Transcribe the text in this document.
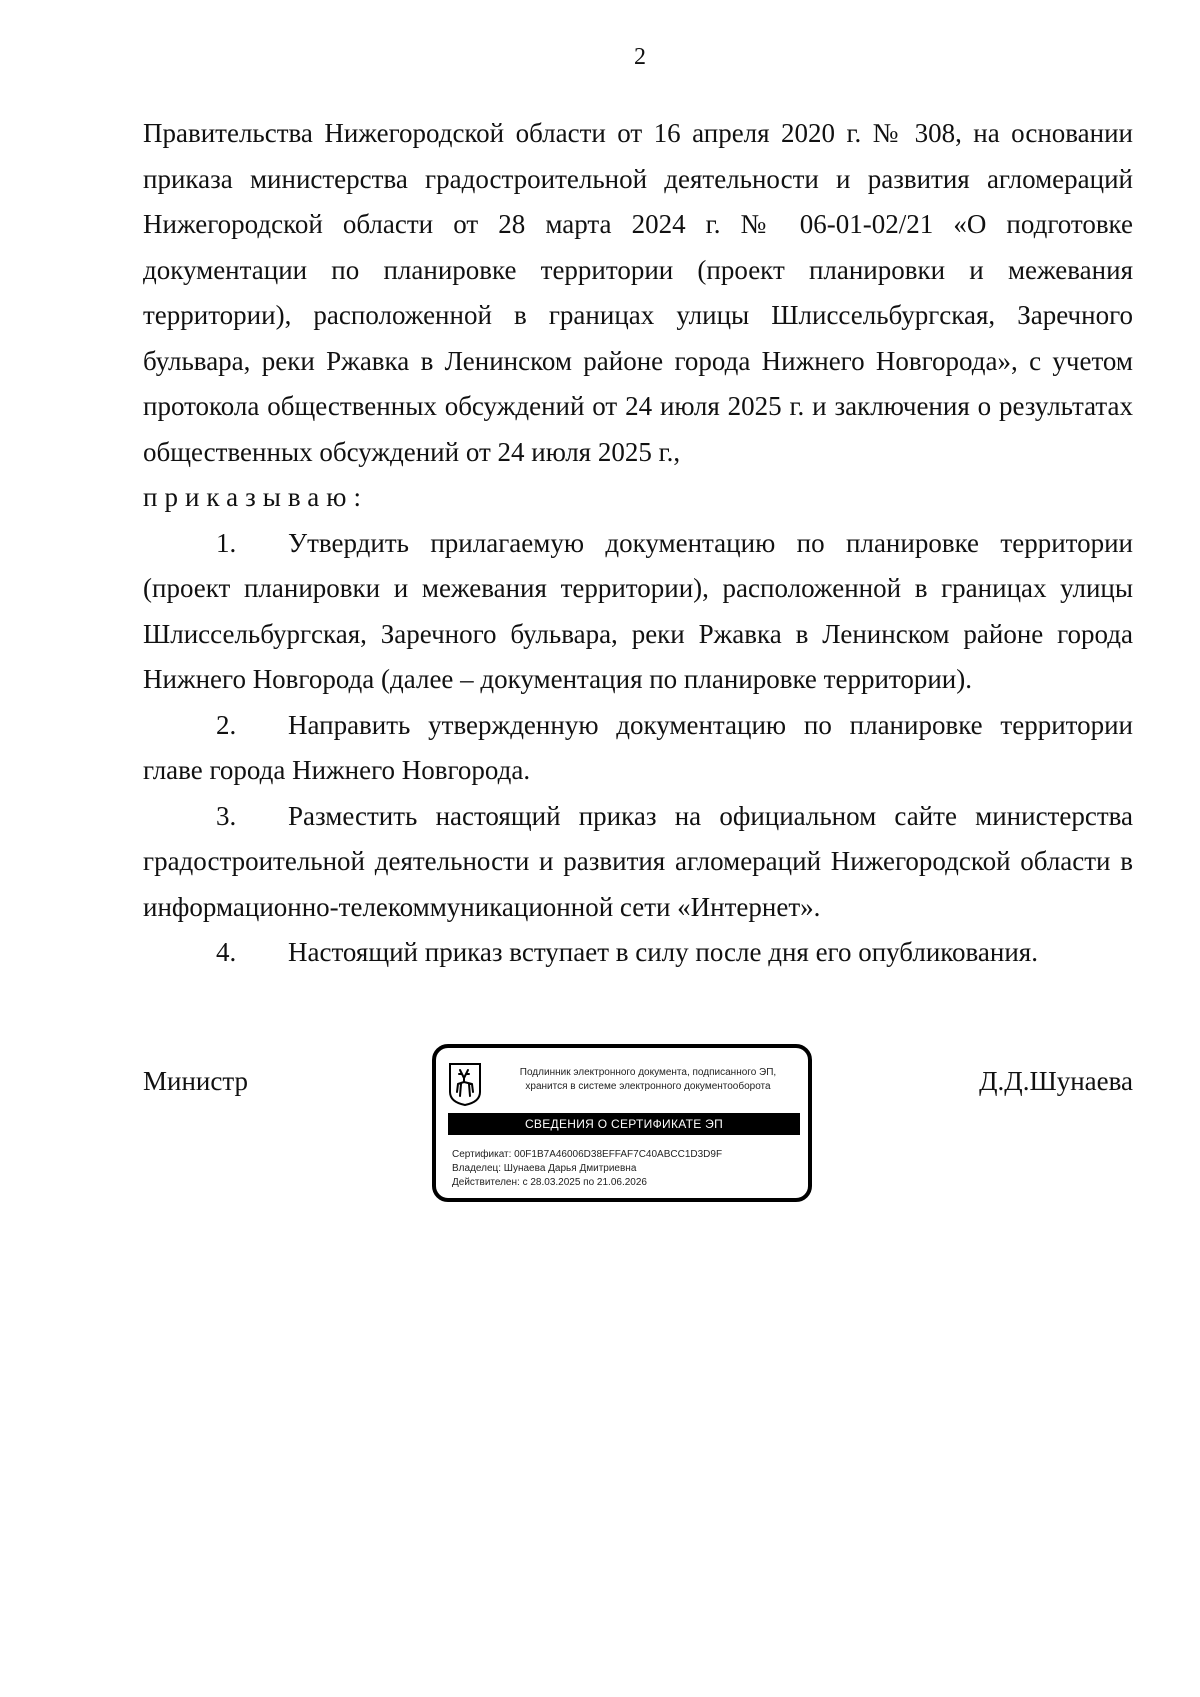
2

Правительства Нижегородской области от 16 апреля 2020 г. № 308, на основании приказа министерства градостроительной деятельности и развития агломераций Нижегородской области от 28 марта 2024 г. № 06-01-02/21 «О подготовке документации по планировке территории (проект планировки и межевания территории), расположенной в границах улицы Шлиссельбургская, Заречного бульвара, реки Ржавка в Ленинском районе города Нижнего Новгорода», с учетом протокола общественных обсуждений от 24 июля 2025 г. и заключения о результатах общественных обсуждений от 24 июля 2025 г.,

приказываю:

1. Утвердить прилагаемую документацию по планировке территории (проект планировки и межевания территории), расположенной в границах улицы Шлиссельбургская, Заречного бульвара, реки Ржавка в Ленинском районе города Нижнего Новгорода (далее – документация по планировке территории).

2. Направить утвержденную документацию по планировке территории главе города Нижнего Новгорода.

3. Разместить настоящий приказ на официальном сайте министерства градостроительной деятельности и развития агломераций Нижегородской области в информационно-телекоммуникационной сети «Интернет».

4. Настоящий приказ вступает в силу после дня его опубликования.

Министр	Подлинник электронного документа, подписанного ЭП,
хранится в системе электронного документооборота
СВЕДЕНИЯ О СЕРТИФИКАТЕ ЭП
Сертификат: 00F1B7A46006D38EFFAF7C40ABCC1D3D9F
Владелец: Шунаева Дарья Дмитриевна
Действителен: с 28.03.2025 по 21.06.2026
Д.Д.Шунаева
